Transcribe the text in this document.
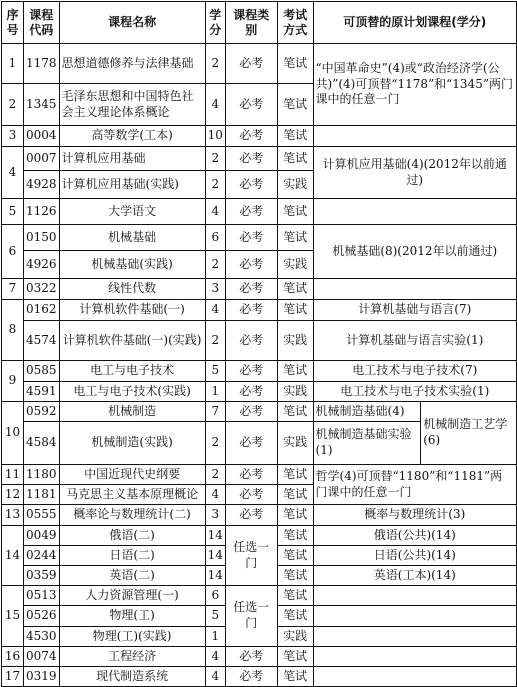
序号	课程代码	课程名称	学分	课程类别	考试方式	可顶替的原计划课程(学分)	
1	1178	思想道德修养与法律基础	2	必考	笔试	“中国革命史”(4)或“政治经济学(公共)”(4)可顶替“1178”和“1345”两门课中的任意一门	
2	1345	毛泽东思想和中国特色社会主义理论体系概论	4	必考	笔试		
3	0004	高等数学(工本)	10	必考	笔试		
4	0007	计算机应用基础	2	必考	笔试	计算机应用基础(4)(2012年以前通过)	
	4928	计算机应用基础(实践)	2	必考	实践		
5	1126	大学语文	4	必考	笔试		
6	0150	机械基础	6	必考	笔试	机械基础(8)(2012年以前通过)	
	4926	机械基础(实践)	2	必考	实践		
7	0322	线性代数	3	必考	笔试		
8	0162	计算机软件基础(一)	4	必考	笔试	计算机基础与语言(7)	
	4574	计算机软件基础(一)(实践)	2	必考	实践	计算机基础与语言实验(1)	
9	0585	电工与电子技术	5	必考	笔试	电工技术与电子技术(7)	
	4591	电工与电子技术(实践)	1	必考	实践	电工技术与电子技术实验(1)	
10	0592	机械制造	7	必考	笔试	机械制造基础(4)	机械制造工艺学(6)
	4584	机械制造(实践)	2	必考	实践	机械制造基础实验(1)	
11	1180	中国近现代史纲要	2	必考	笔试	哲学(4)可顶替“1180”和“1181”两门课中的任意一门	
12	1181	马克思主义基本原理概论	4	必考	笔试		
13	0555	概率论与数理统计(二)	3	必考	笔试	概率与数理统计(3)	
14	0049	俄语(二)	14	任选一门	笔试	俄语(公共)(14)	
	0244	日语(二)	14		笔试	日语(公共)(14)	
	0359	英语(二)	14		笔试	英语(工本)(14)	
15	0513	人力资源管理(一)	6	任选一门	笔试		
	0526	物理(工)	5		笔试		
	4530	物理(工)(实践)	1		实践		
16	0074	工程经济	4	必考	笔试		
17	0319	现代制造系统	4	必考	笔试		
